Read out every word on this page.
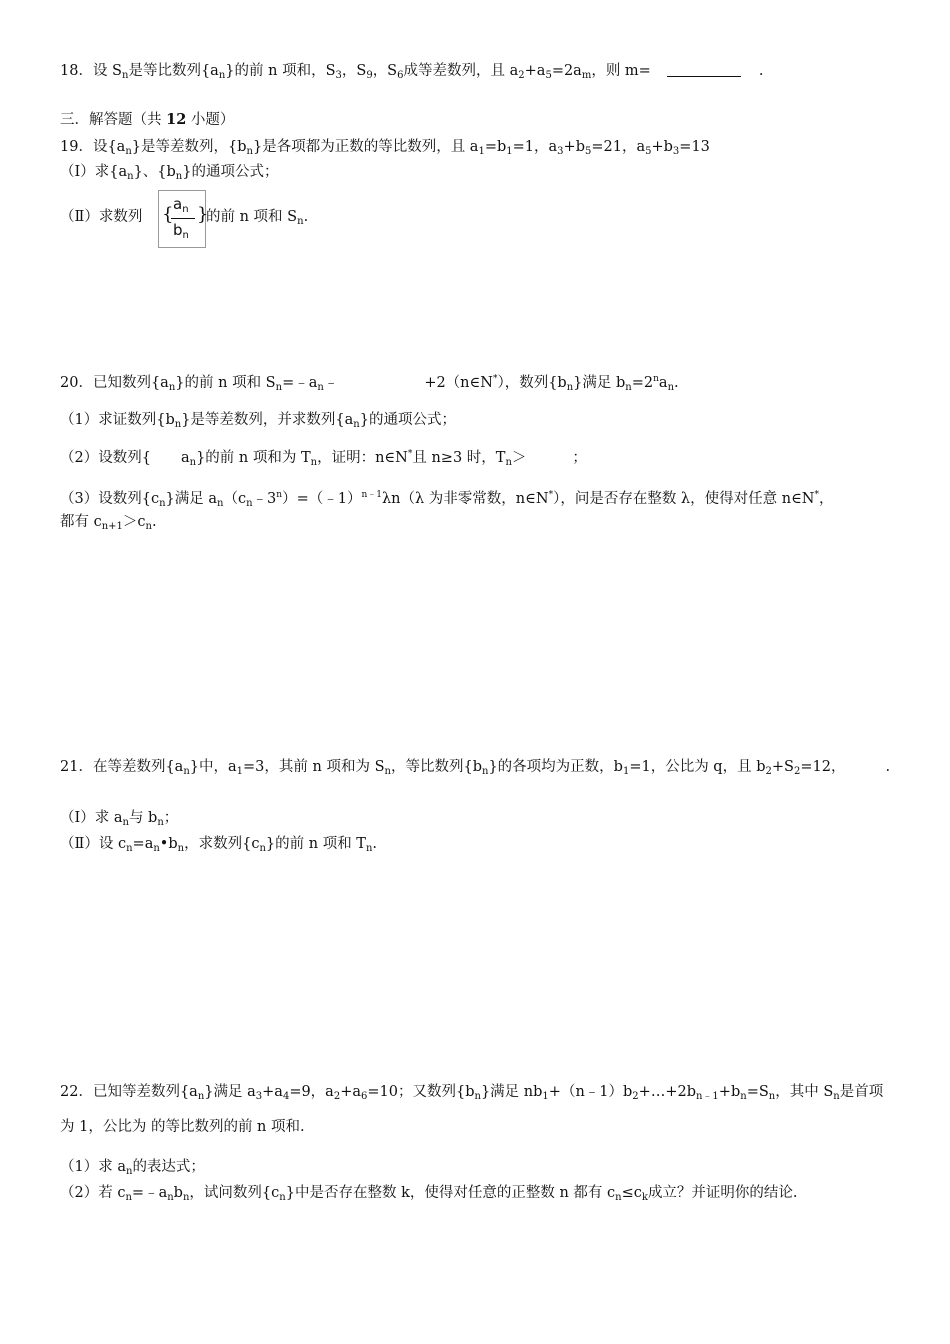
18．设 $S_n$是等比数列$\{a_n\}$的前 n 项和，$S_3$，$S_9$，$S_6$成等差数列，且 $a_2+a_5=2a_m$，则 m=	.
三．解答题（共 12 小题）
19．设$\{a_n\}$是等差数列，$\{b_n\}$是各项都为正数的等比数列，且 $a_1=b_1=1$，$a_3+b_5=21$，$a_5+b_3=13$
（Ⅰ）求$\{a_n\}$、$\{b_n\}$的通项公式；
（Ⅱ）求数列 { $a_n$
$b_n$
}
的前 n 项和 $S_n$.
20．已知数列$\{a_n\}$的前 n 项和 $S_n=﹣a_n﹣$	+2（n∈N*），数列$\{b_n\}$满足 $b_n=2^na_n$.
（1）求证数列$\{b_n\}$是等差数列，并求数列$\{a_n\}$的通项公式；
（2）设数列{ $a_n$}的前 n 项和为 $T_n$，证明：n∈N*且 n≥3 时，$T_n>$	；
（3）设数列$\{c_n\}$满足 $a_n(c_n﹣3^n)=(﹣1)^{n﹣1}\lambda n(\lambda$ 为非零常数，n∈N*），问是否存在整数 λ，使得对任意 n∈N*，
都有 $c_{n+1}>c_n$.
21．在等差数列$\{a_n\}$中，$a_1=3$，其前 n 项和为 $S_n$，等比数列$\{b_n\}$的各项均为正数，$b_1=1$，公比为 q，且 $b_2+S_2=12$，	.
（Ⅰ）求 $a_n$与 $b_n$；
（Ⅱ）设 $c_n=a_n•b_n$，求数列$\{c_n\}$的前 n 项和 $T_n$.
22．已知等差数列$\{a_n\}$满足 $a_3+a_4=9$，$a_2+a_6=10$；又数列$\{b_n\}$满足 $nb_1+(n﹣1)b_2+\dots+2b_{n﹣1}+b_n=S_n$，其中 $S_n$是首项
为 1，公比为 的等比数列的前 n 项和.
（1）求 $a_n$的表达式；
（2）若 $c_n=﹣a_nb_n$，试问数列$\{c_n\}$中是否存在整数 k，使得对任意的正整数 n 都有 $c_n\le c_k$成立？并证明你的结论.
